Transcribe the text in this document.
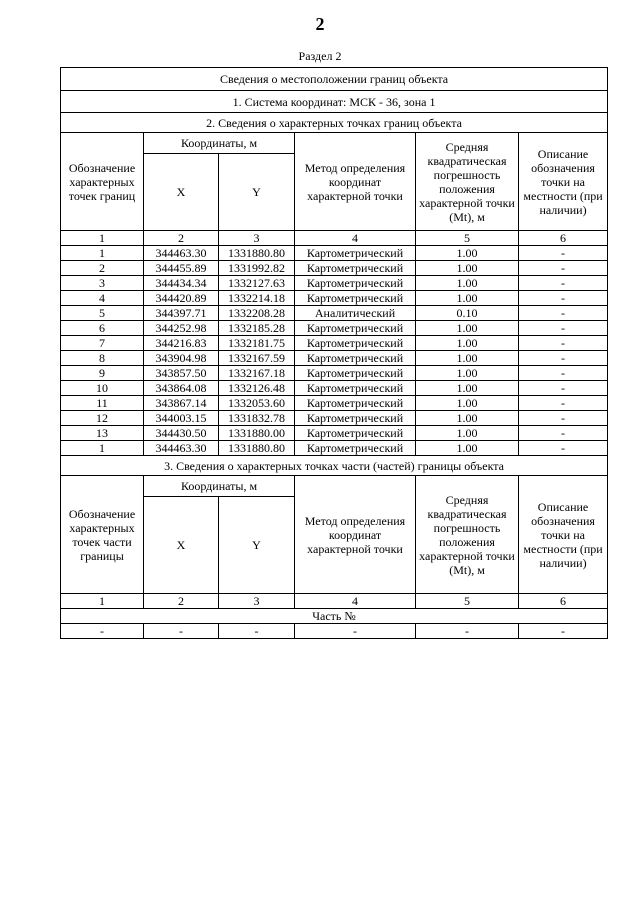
2
Раздел 2
Сведения о местоположении границ объекта					
1. Система координат: МСК - 36, зона 1					
2. Сведения о характерных точках границ объекта					
Обозначение характерных точек границ	Координаты, м		Метод определения координат характерной точки	Средняя квадратическая погрешность положения характерной точки (Mt), м	Описание обозначения точки на местности (при наличии)
	X	Y			
1	2	3	4	5	6
1	344463.30	1331880.80	Картометрический	1.00	-
2	344455.89	1331992.82	Картометрический	1.00	-
3	344434.34	1332127.63	Картометрический	1.00	-
4	344420.89	1332214.18	Картометрический	1.00	-
5	344397.71	1332208.28	Аналитический	0.10	-
6	344252.98	1332185.28	Картометрический	1.00	-
7	344216.83	1332181.75	Картометрический	1.00	-
8	343904.98	1332167.59	Картометрический	1.00	-
9	343857.50	1332167.18	Картометрический	1.00	-
10	343864.08	1332126.48	Картометрический	1.00	-
11	343867.14	1332053.60	Картометрический	1.00	-
12	344003.15	1331832.78	Картометрический	1.00	-
13	344430.50	1331880.00	Картометрический	1.00	-
1	344463.30	1331880.80	Картометрический	1.00	-
3. Сведения о характерных точках части (частей) границы объекта					
Обозначение характерных точек части границы	Координаты, м		Метод определения координат характерной точки	Средняя квадратическая погрешность положения характерной точки (Mt), м	Описание обозначения точки на местности (при наличии)
	X	Y			
1	2	3	4	5	6
Часть №					
-	-	-	-	-	-
